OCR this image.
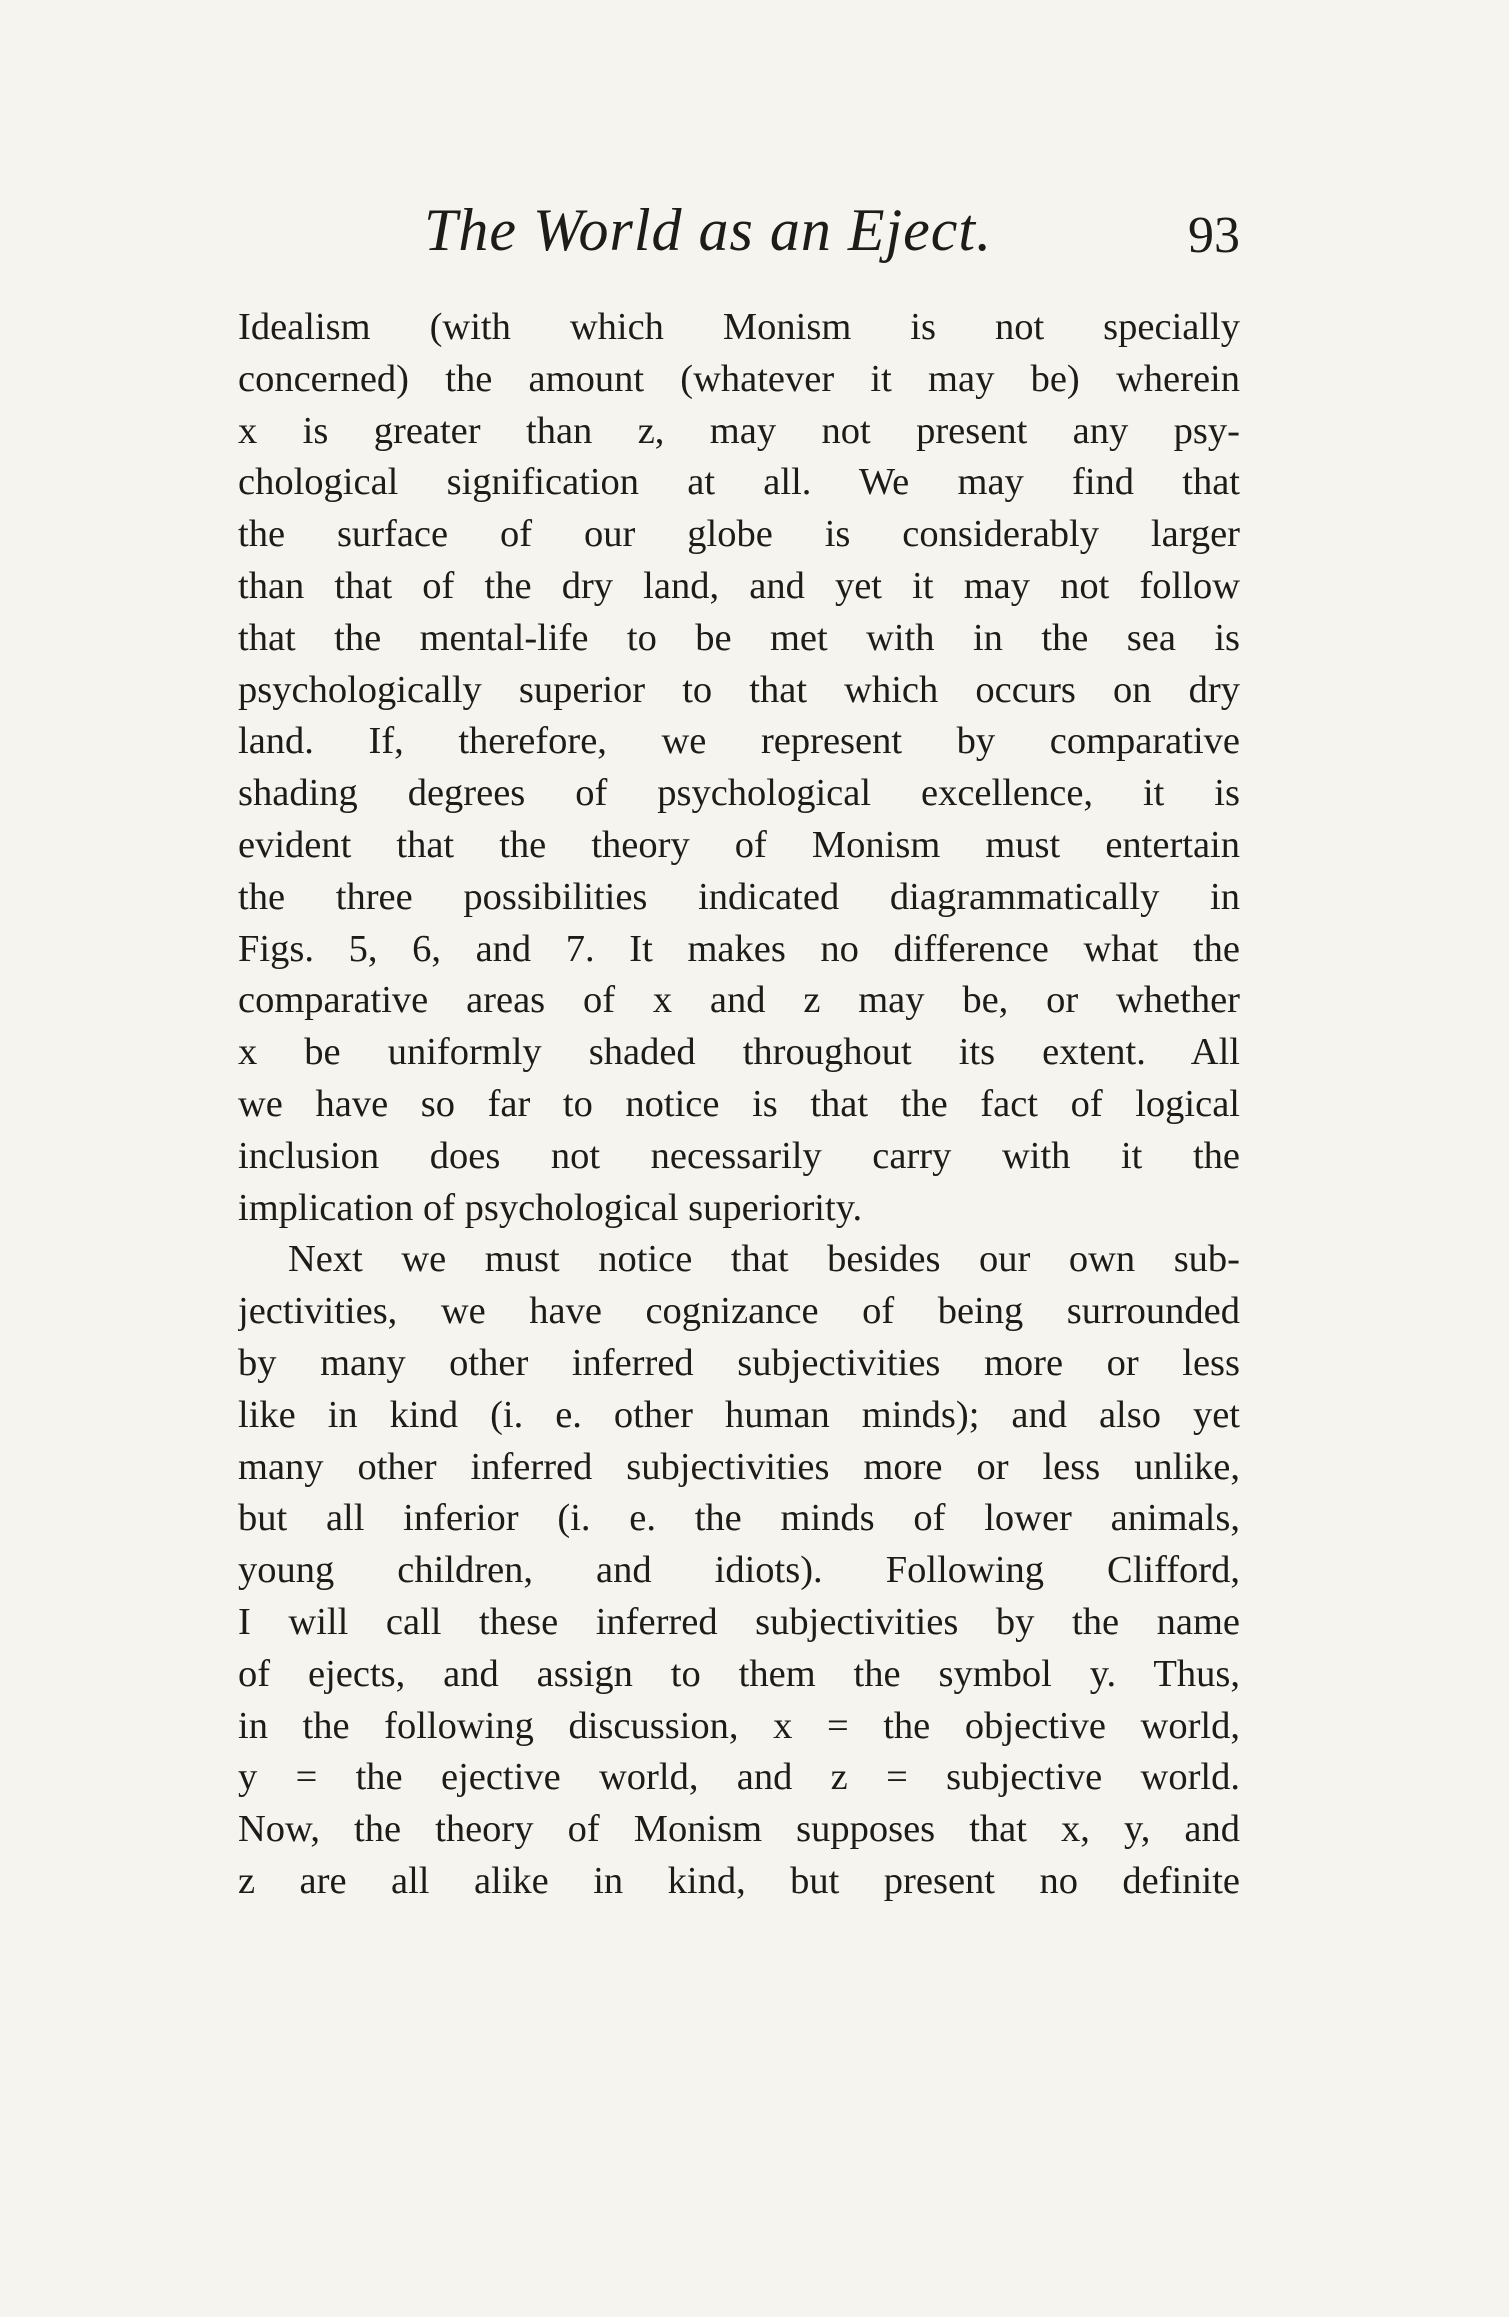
The World as an Eject.	93
Idealism (with which Monism is not specially
concerned) the amount (whatever it may be) wherein
x is greater than z, may not present any psy-
chological signification at all. We may find that
the surface of our globe is considerably larger
than that of the dry land, and yet it may not follow
that the mental-life to be met with in the sea is
psychologically superior to that which occurs on dry
land. If, therefore, we represent by comparative
shading degrees of psychological excellence, it is
evident that the theory of Monism must entertain
the three possibilities indicated diagrammatically in
Figs. 5, 6, and 7. It makes no difference what the
comparative areas of x and z may be, or whether
x be uniformly shaded throughout its extent. All
we have so far to notice is that the fact of logical
inclusion does not necessarily carry with it the
implication of psychological superiority.
Next we must notice that besides our own sub-
jectivities, we have cognizance of being surrounded
by many other inferred subjectivities more or less
like in kind (i. e. other human minds); and also yet
many other inferred subjectivities more or less unlike,
but all inferior (i. e. the minds of lower animals,
young children, and idiots). Following Clifford,
I will call these inferred subjectivities by the name
of ejects, and assign to them the symbol y. Thus,
in the following discussion, x = the objective world,
y = the ejective world, and z = subjective world.
Now, the theory of Monism supposes that x, y, and
z are all alike in kind, but present no definite
